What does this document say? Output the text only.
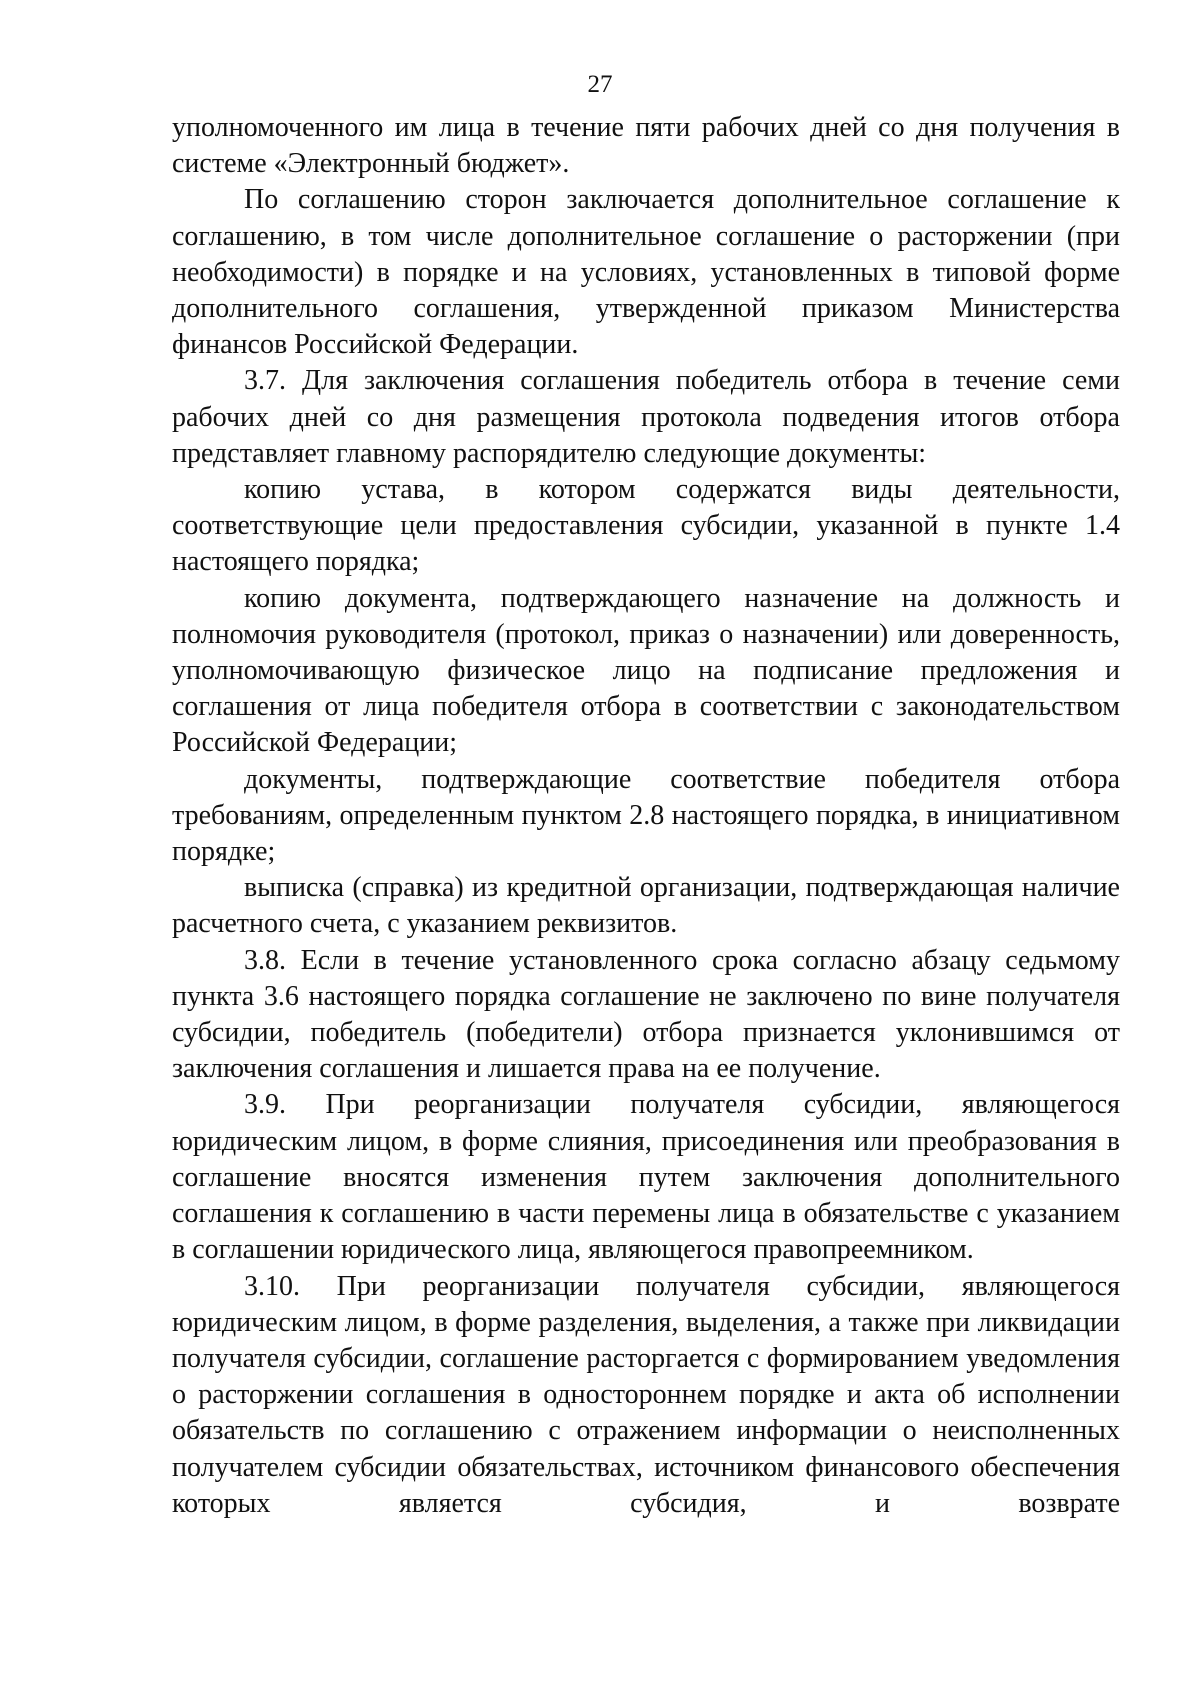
27

уполномоченного им лица в течение пяти рабочих дней со дня получения в системе «Электронный бюджет».

По соглашению сторон заключается дополнительное соглашение к соглашению, в том числе дополнительное соглашение о расторжении (при необходимости) в порядке и на условиях, установленных в типовой форме дополнительного соглашения, утвержденной приказом Министерства финансов Российской Федерации.

3.7. Для заключения соглашения победитель отбора в течение семи рабочих дней со дня размещения протокола подведения итогов отбора представляет главному распорядителю следующие документы:

копию устава, в котором содержатся виды деятельности, соответствующие цели предоставления субсидии, указанной в пункте 1.4 настоящего порядка;

копию документа, подтверждающего назначение на должность и полномочия руководителя (протокол, приказ о назначении) или доверенность, уполномочивающую физическое лицо на подписание предложения и соглашения от лица победителя отбора в соответствии с законодательством Российской Федерации;

документы, подтверждающие соответствие победителя отбора требованиям, определенным пунктом 2.8 настоящего порядка, в инициативном порядке;

выписка (справка) из кредитной организации, подтверждающая наличие расчетного счета, с указанием реквизитов.

3.8. Если в течение установленного срока согласно абзацу седьмому пункта 3.6 настоящего порядка соглашение не заключено по вине получателя субсидии, победитель (победители) отбора признается уклонившимся от заключения соглашения и лишается права на ее получение.

3.9. При реорганизации получателя субсидии, являющегося юридическим лицом, в форме слияния, присоединения или преобразования в соглашение вносятся изменения путем заключения дополнительного соглашения к соглашению в части перемены лица в обязательстве с указанием в соглашении юридического лица, являющегося правопреемником.

3.10. При реорганизации получателя субсидии, являющегося юридическим лицом, в форме разделения, выделения, а также при ликвидации получателя субсидии, соглашение расторгается с формированием уведомления о расторжении соглашения в одностороннем порядке и акта об исполнении обязательств по соглашению с отражением информации о неисполненных получателем субсидии обязательствах, источником финансового обеспечения которых является субсидия, и возврате
